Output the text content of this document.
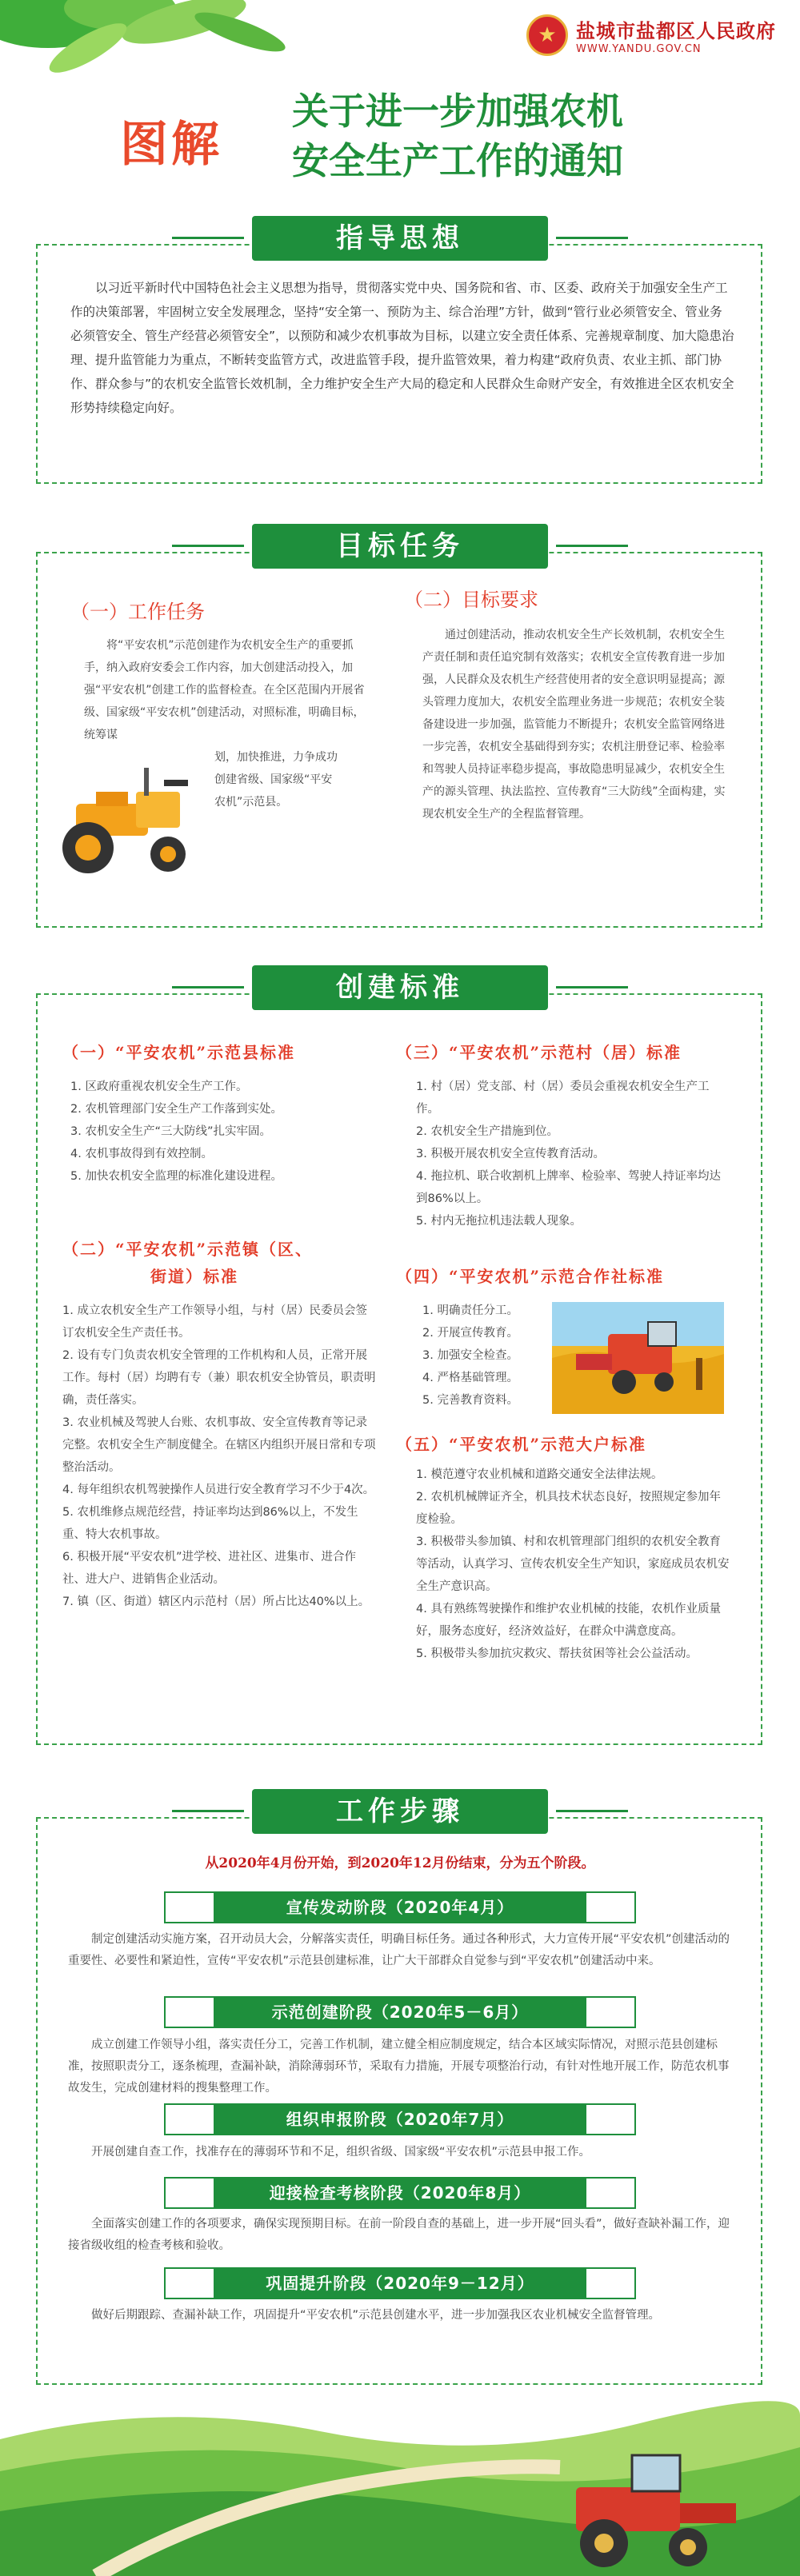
★ 盐城市盐都区人民政府
WWW.YANDU.GOV.CN
图解
关于进一步加强农机
安全生产工作的通知
指导思想
以习近平新时代中国特色社会主义思想为指导，贯彻落实党中央、国务院和省、市、区委、政府关于加强安全生产工作的决策部署，牢固树立安全发展理念，坚持“安全第一、预防为主、综合治理”方针，做到“管行业必须管安全、管业务必须管安全、管生产经营必须管安全”，以预防和减少农机事故为目标，以建立安全责任体系、完善规章制度、加大隐患治理、提升监管能力为重点，不断转变监管方式，改进监管手段，提升监管效果，着力构建“政府负责、农业主抓、部门协作、群众参与”的农机安全监管长效机制，全力维护安全生产大局的稳定和人民群众生命财产安全，有效推进全区农机安全形势持续稳定向好。
目标任务
（一）工作任务
将“平安农机”示范创建作为农机安全生产的重要抓手，纳入政府安委会工作内容，加大创建活动投入，加强“平安农机”创建工作的监督检查。在全区范围内开展省级、国家级“平安农机”创建活动，对照标准，明确目标，统筹谋
划，加快推进，力争成功
创建省级、国家级“平安
农机”示范县。
（二）目标要求
通过创建活动，推动农机安全生产长效机制，农机安全生产责任制和责任追究制有效落实；农机安全宣传教育进一步加强，人民群众及农机生产经营使用者的安全意识明显提高；源头管理力度加大，农机安全监理业务进一步规范；农机安全装备建设进一步加强，监管能力不断提升；农机安全监管网络进一步完善，农机安全基础得到夯实；农机注册登记率、检验率和驾驶人员持证率稳步提高，事故隐患明显减少，农机安全生产的源头管理、执法监控、宣传教育“三大防线”全面构建，实现农机安全生产的全程监督管理。
创建标准
（一）“平安农机”示范县标准
1. 区政府重视农机安全生产工作。
2. 农机管理部门安全生产工作落到实处。
3. 农机安全生产“三大防线”扎实牢固。
4. 农机事故得到有效控制。
5. 加快农机安全监理的标准化建设进程。
（二）“平安农机”示范镇（区、
街道）标准
1. 成立农机安全生产工作领导小组，与村（居）民委员会签订农机安全生产责任书。
2. 设有专门负责农机安全管理的工作机构和人员，正常开展工作。每村（居）均聘有专（兼）职农机安全协管员，职责明确，责任落实。
3. 农业机械及驾驶人台账、农机事故、安全宣传教育等记录完整。农机安全生产制度健全。在辖区内组织开展日常和专项整治活动。
4. 每年组织农机驾驶操作人员进行安全教育学习不少于4次。
5. 农机维修点规范经营，持证率均达到86%以上，不发生重、特大农机事故。
6. 积极开展“平安农机”进学校、进社区、进集市、进合作社、进大户、进销售企业活动。
7. 镇（区、街道）辖区内示范村（居）所占比达40%以上。
（三）“平安农机”示范村（居）标准
1. 村（居）党支部、村（居）委员会重视农机安全生产工作。
2. 农机安全生产措施到位。
3. 积极开展农机安全宣传教育活动。
4. 拖拉机、联合收割机上牌率、检验率、驾驶人持证率均达到86%以上。
5. 村内无拖拉机违法载人现象。
（四）“平安农机”示范合作社标准
1. 明确责任分工。
2. 开展宣传教育。
3. 加强安全检查。
4. 严格基础管理。
5. 完善教育资料。
（五）“平安农机”示范大户标准
1. 模范遵守农业机械和道路交通安全法律法规。
2. 农机机械牌证齐全，机具技术状态良好，按照规定参加年度检验。
3. 积极带头参加镇、村和农机管理部门组织的农机安全教育等活动，认真学习、宣传农机安全生产知识，家庭成员农机安全生产意识高。
4. 具有熟练驾驶操作和维护农业机械的技能，农机作业质量好，服务态度好，经济效益好，在群众中满意度高。
5. 积极带头参加抗灾救灾、帮扶贫困等社会公益活动。
工作步骤
从2020年4月份开始，到2020年12月份结束，分为五个阶段。
宣传发动阶段（2020年4月）
制定创建活动实施方案，召开动员大会，分解落实责任，明确目标任务。通过各种形式，大力宣传开展“平安农机”创建活动的重要性、必要性和紧迫性，宣传“平安农机”示范县创建标准，让广大干部群众自觉参与到“平安农机”创建活动中来。
示范创建阶段（2020年5－6月）
成立创建工作领导小组，落实责任分工，完善工作机制，建立健全相应制度规定，结合本区域实际情况，对照示范县创建标准，按照职责分工，逐条梳理，查漏补缺，消除薄弱环节，采取有力措施，开展专项整治行动，有针对性地开展工作，防范农机事故发生，完成创建材料的搜集整理工作。
组织申报阶段（2020年7月）
开展创建自查工作，找准存在的薄弱环节和不足，组织省级、国家级“平安农机”示范县申报工作。
迎接检查考核阶段（2020年8月）
全面落实创建工作的各项要求，确保实现预期目标。在前一阶段自查的基础上，进一步开展“回头看”，做好查缺补漏工作，迎接省级收组的检查考核和验收。
巩固提升阶段（2020年9－12月）
做好后期跟踪、查漏补缺工作，巩固提升“平安农机”示范县创建水平，进一步加强我区农业机械安全监督管理。
